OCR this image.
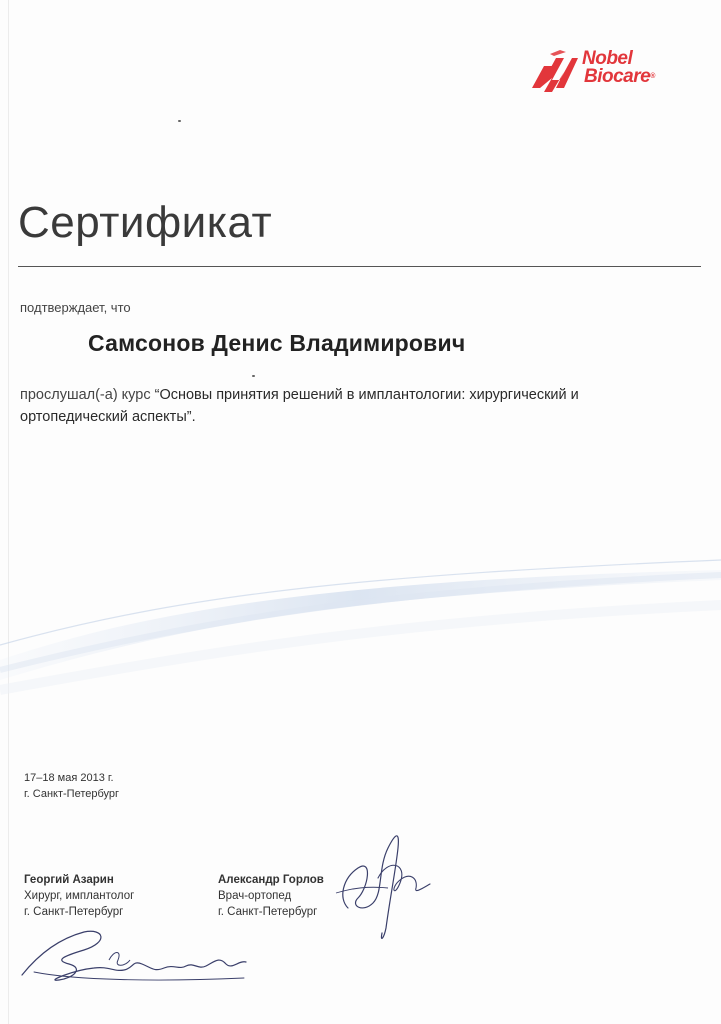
Nobel
Biocare®
Сертификат
подтверждает, что
Самсонов Денис Владимирович
прослушал(-а) курс “Основы принятия решений в имплантологии: хирургический и ортопедический аспекты”.
17–18 мая 2013 г.
г. Санкт-Петербург
Георгий Азарин
Хирург, имплантолог
г. Санкт-Петербург
Александр Горлов
Врач-ортопед
г. Санкт-Петербург
